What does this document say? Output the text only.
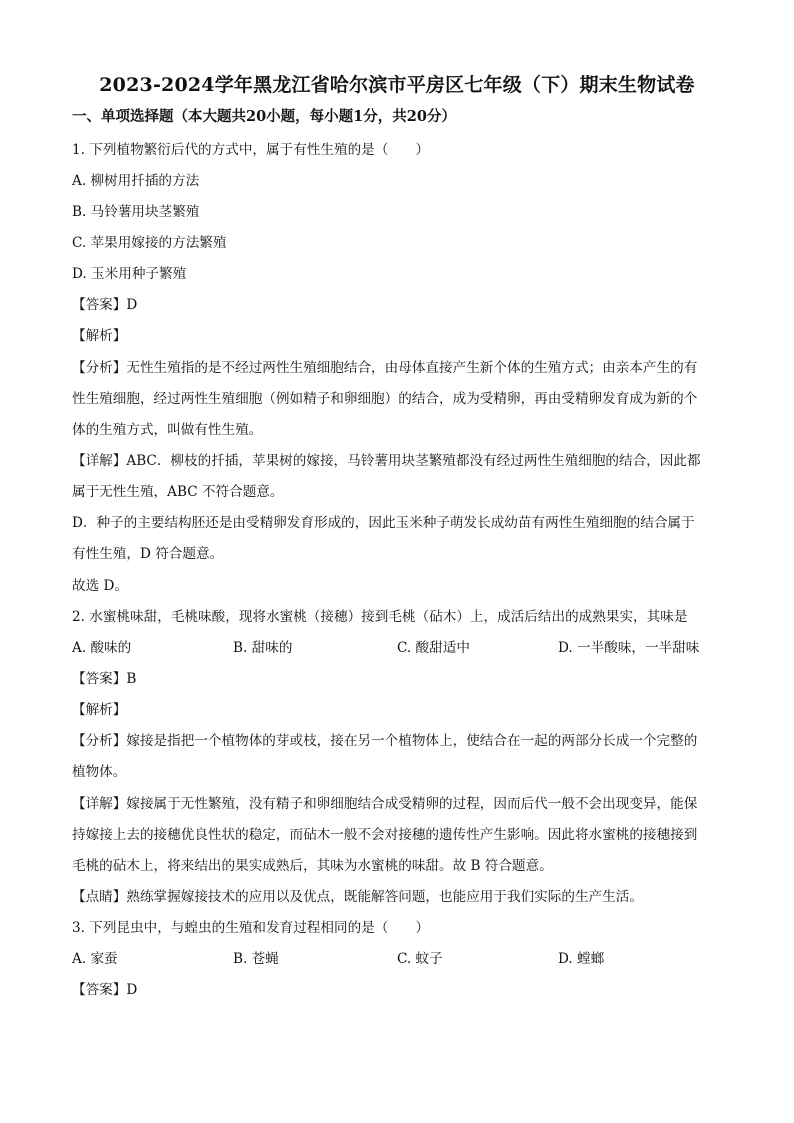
2023-2024学年黑龙江省哈尔滨市平房区七年级（下）期末生物试卷
一、单项选择题（本大题共20小题，每小题1分，共20分）
1. 下列植物繁衍后代的方式中，属于有性生殖的是（　　）
A. 柳树用扦插的方法
B. 马铃薯用块茎繁殖
C. 苹果用嫁接的方法繁殖
D. 玉米用种子繁殖
【答案】D
【解析】
【分析】无性生殖指的是不经过两性生殖细胞结合，由母体直接产生新个体的生殖方式；由亲本产生的有
性生殖细胞，经过两性生殖细胞（例如精子和卵细胞）的结合，成为受精卵，再由受精卵发育成为新的个
体的生殖方式，叫做有性生殖。
【详解】ABC．柳枝的扦插，苹果树的嫁接，马铃薯用块茎繁殖都没有经过两性生殖细胞的结合，因此都
属于无性生殖，ABC 不符合题意。
D．种子的主要结构胚还是由受精卵发育形成的，因此玉米种子萌发长成幼苗有两性生殖细胞的结合属于
有性生殖，D 符合题意。
故选 D。
2. 水蜜桃味甜，毛桃味酸，现将水蜜桃（接穗）接到毛桃（砧木）上，成活后结出的成熟果实，其味是
A. 酸味的	B. 甜味的	C. 酸甜适中	D. 一半酸味，一半甜味
【答案】B
【解析】
【分析】嫁接是指把一个植物体的芽或枝，接在另一个植物体上，使结合在一起的两部分长成一个完整的
植物体。
【详解】嫁接属于无性繁殖，没有精子和卵细胞结合成受精卵的过程，因而后代一般不会出现变异，能保
持嫁接上去的接穗优良性状的稳定，而砧木一般不会对接穗的遗传性产生影响。因此将水蜜桃的接穗接到
毛桃的砧木上，将来结出的果实成熟后，其味为水蜜桃的味甜。故 B 符合题意。
【点睛】熟练掌握嫁接技术的应用以及优点，既能解答问题，也能应用于我们实际的生产生活。
3. 下列昆虫中，与蝗虫的生殖和发育过程相同的是（　　）
A. 家蚕	B. 苍蝇	C. 蚊子	D. 螳螂
【答案】D
